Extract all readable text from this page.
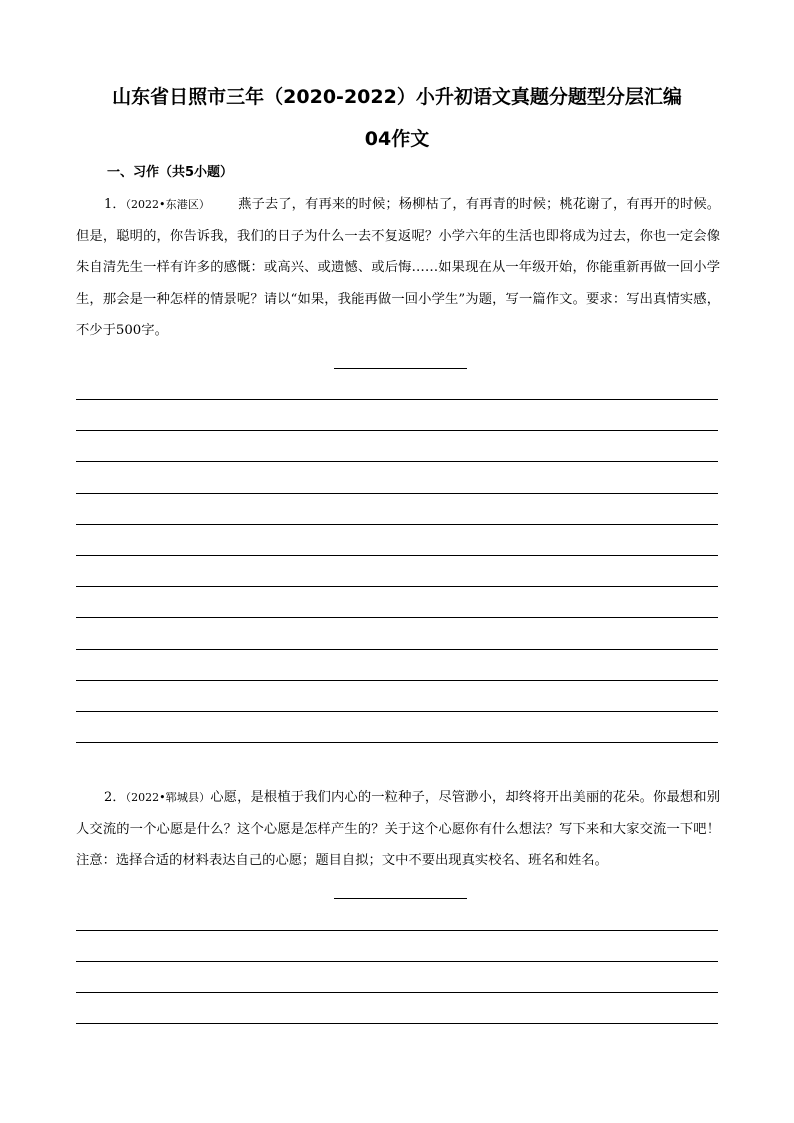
山东省日照市三年（2020-2022）小升初语文真题分题型分层汇编
04作文
一、习作（共5小题）
1．（2022•东港区） 燕子去了，有再来的时候；杨柳枯了，有再青的时候；桃花谢了，有再开的时候。但是，聪明的，你告诉我，我们的日子为什么一去不复返呢？小学六年的生活也即将成为过去，你也一定会像朱自清先生一样有许多的感慨：或高兴、或遗憾、或后悔……如果现在从一年级开始，你能重新再做一回小学生，那会是一种怎样的情景呢？请以“如果，我能再做一回小学生”为题，写一篇作文。要求：写出真情实感，不少于500字。
2．（2022•郓城县）心愿，是根植于我们内心的一粒种子，尽管渺小，却终将开出美丽的花朵。你最想和别人交流的一个心愿是什么？这个心愿是怎样产生的？关于这个心愿你有什么想法？写下来和大家交流一下吧！注意：选择合适的材料表达自己的心愿；题目自拟；文中不要出现真实校名、班名和姓名。
